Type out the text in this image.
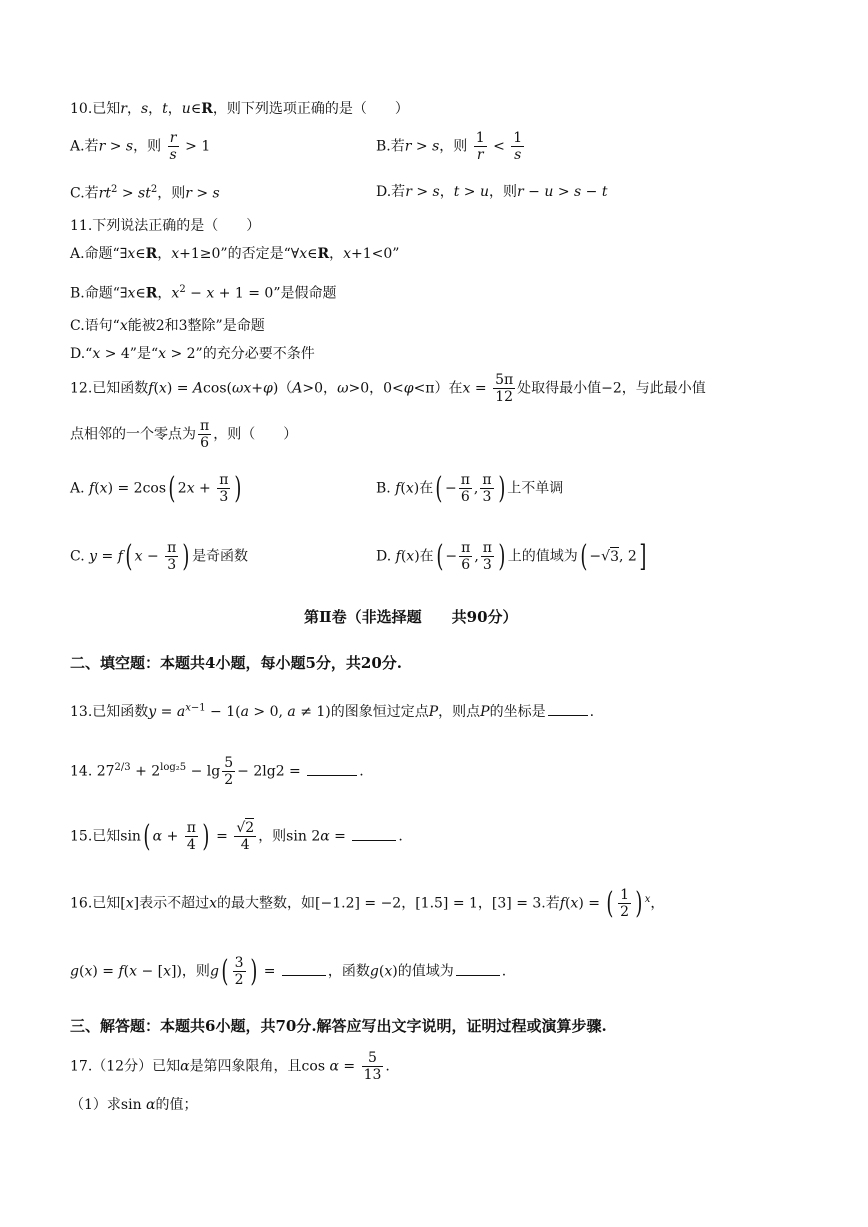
10.已知r，s，t，u∈R，则下列选项正确的是（　　）
A.若r > s，则 $\frac{r}{s} > 1$	B.若r > s，则 $\frac{1}{r} < \frac{1}{s}$
C.若$rt^2 > st^2$，则r > s	D.若r > s，t > u，则r − u > s − t
11.下列说法正确的是（　　）
A.命题“∃x∈R，x+1≥0”的否定是“∀x∈R，x+1<0”
B.命题“∃x∈R，$x^2 - x + 1 = 0$”是假命题
C.语句“x能被2和3整除”是命题
D.“x > 4”是“x > 2”的充分必要不条件
12.已知函数f(x) = Acos(ωx+φ)（A>0，ω>0，0<φ<π）在$x = \frac{5\pi}{12}$ 处取得最小值−2，与此最小值
点相邻的一个零点为 $\frac{\pi}{6}$ ，则（　　）
A. f(x) = 2cos( $2x + \frac{\pi}{3}$ )	B. f(x)在( − $\frac{\pi}{6}$ , $\frac{\pi}{3}$ ) 上不单调
C. y = f( $x - \frac{\pi}{3}$ ) 是奇函数	D. f(x)在( − $\frac{\pi}{6}$ , $\frac{\pi}{3}$ ) 上的值域为( −√3, 2]
第Ⅱ卷（非选择题　　共90分）
二、填空题：本题共4小题，每小题5分，共20分.
13.已知函数$y = a^{x-1} - 1(a > 0$, a ≠ 1)的图象恒过定点P，则点P的坐标是	.
14. $27^{2/3} + 2^{log_25} - \lg \frac{5}{2} - 2\lg 2$ =	.
15.已知sin( $\alpha + \frac{\pi}{4}$ ) = $\frac{√2}{4}$ ，则sin 2α =	.
16.已知[x]表示不超过x的最大整数，如[−1.2] = −2，[1.5] = 1，[3] = 3.若f(x) = ( $\frac{1}{2}$ ) $^x$，
g(x) = f(x − [x])，则$g( \frac{3}{2}$ ) =	，函数g(x)的值域为	.
三、解答题：本题共6小题，共70分.解答应写出文字说明，证明过程或演算步骤.
17.（12分）已知α是第四象限角，且$\cos \alpha = \frac{5}{13}$ .
（1）求sin α的值；
